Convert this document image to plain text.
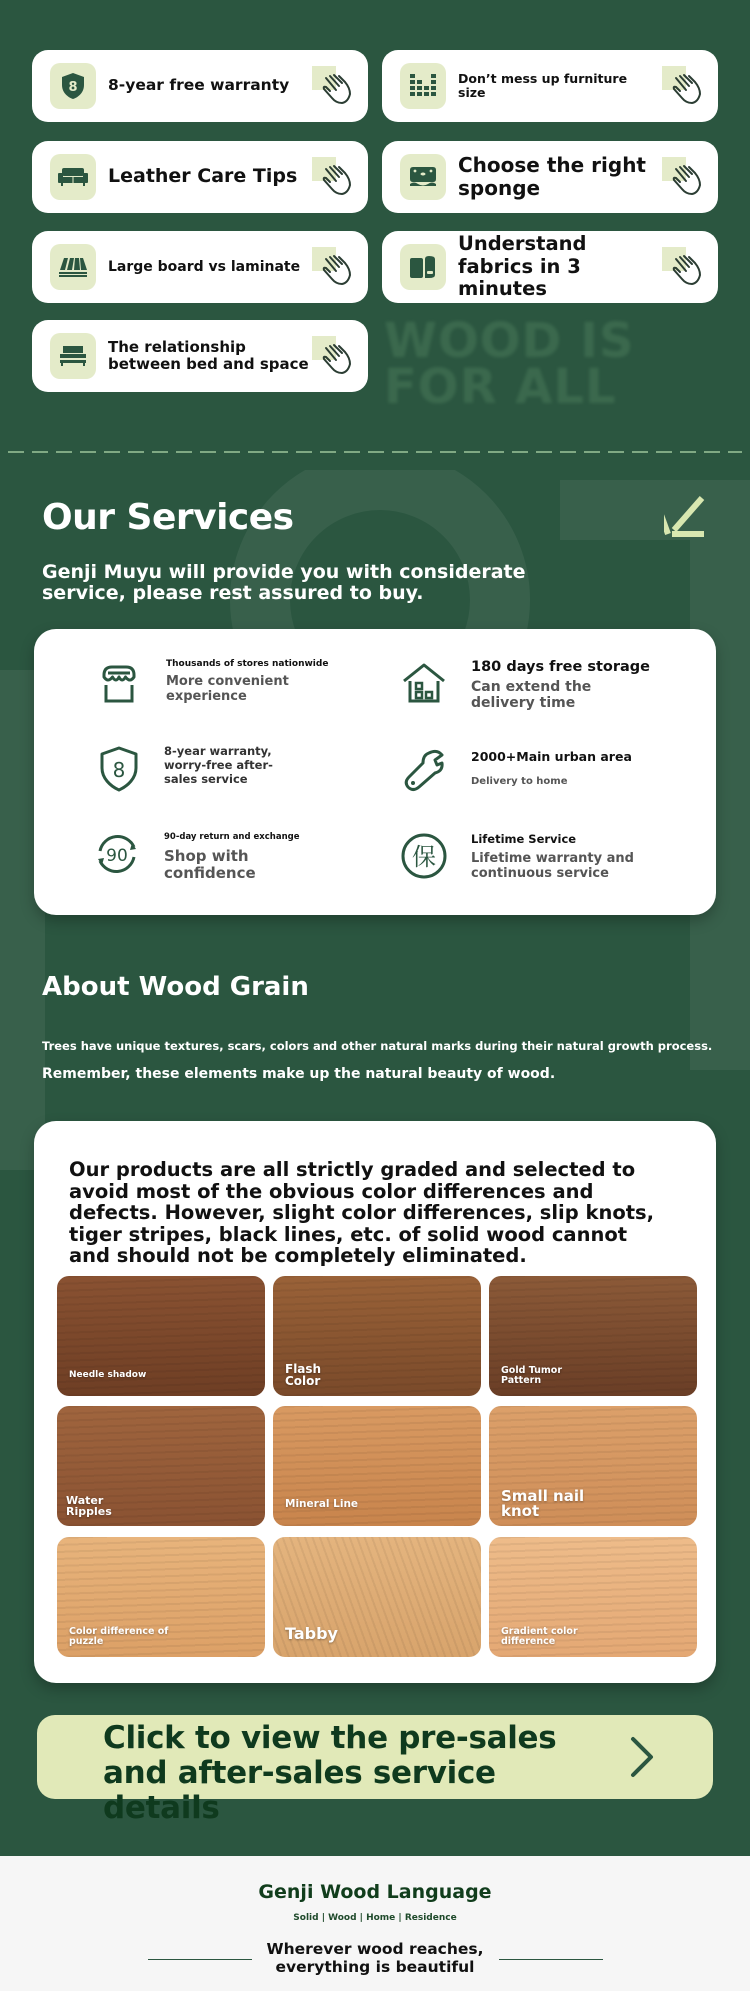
8 8-year free warranty	Don’t mess up furniture size
Leather Care Tips	Choose the right sponge
Large board vs laminate
Understand fabrics in 3 minutes
The relationship between bed and space WOOD IS
FOR ALL
Our Services
Genji Muyu will provide you with considerate service, please rest assured to buy.
Thousands of stores nationwide
More convenient experience
180 days free storage
Can extend the delivery time
8
8-year warranty, worry-free after-sales service
2000+Main urban area
Delivery to home
90
90-day return and exchange
Shop with confidence
保
Lifetime Service
Lifetime warranty and continuous service
About Wood Grain
Trees have unique textures, scars, colors and other natural marks during their natural growth process.
Remember, these elements make up the natural beauty of wood.
Our products are all strictly graded and selected to avoid most of the obvious color differences and defects. However, slight color differences, slip knots, tiger stripes, black lines, etc. of solid wood cannot and should not be completely eliminated.
Needle shadow	Flash Color
Gold Tumor Pattern
Water Ripples
Mineral Line	Small nail knot
Color difference of puzzle	Tabby	Gradient color difference
Click to view the pre-sales and after-sales service details
Genji Wood Language
Solid | Wood | Home | Residence
Wherever wood reaches,
everything is beautiful
